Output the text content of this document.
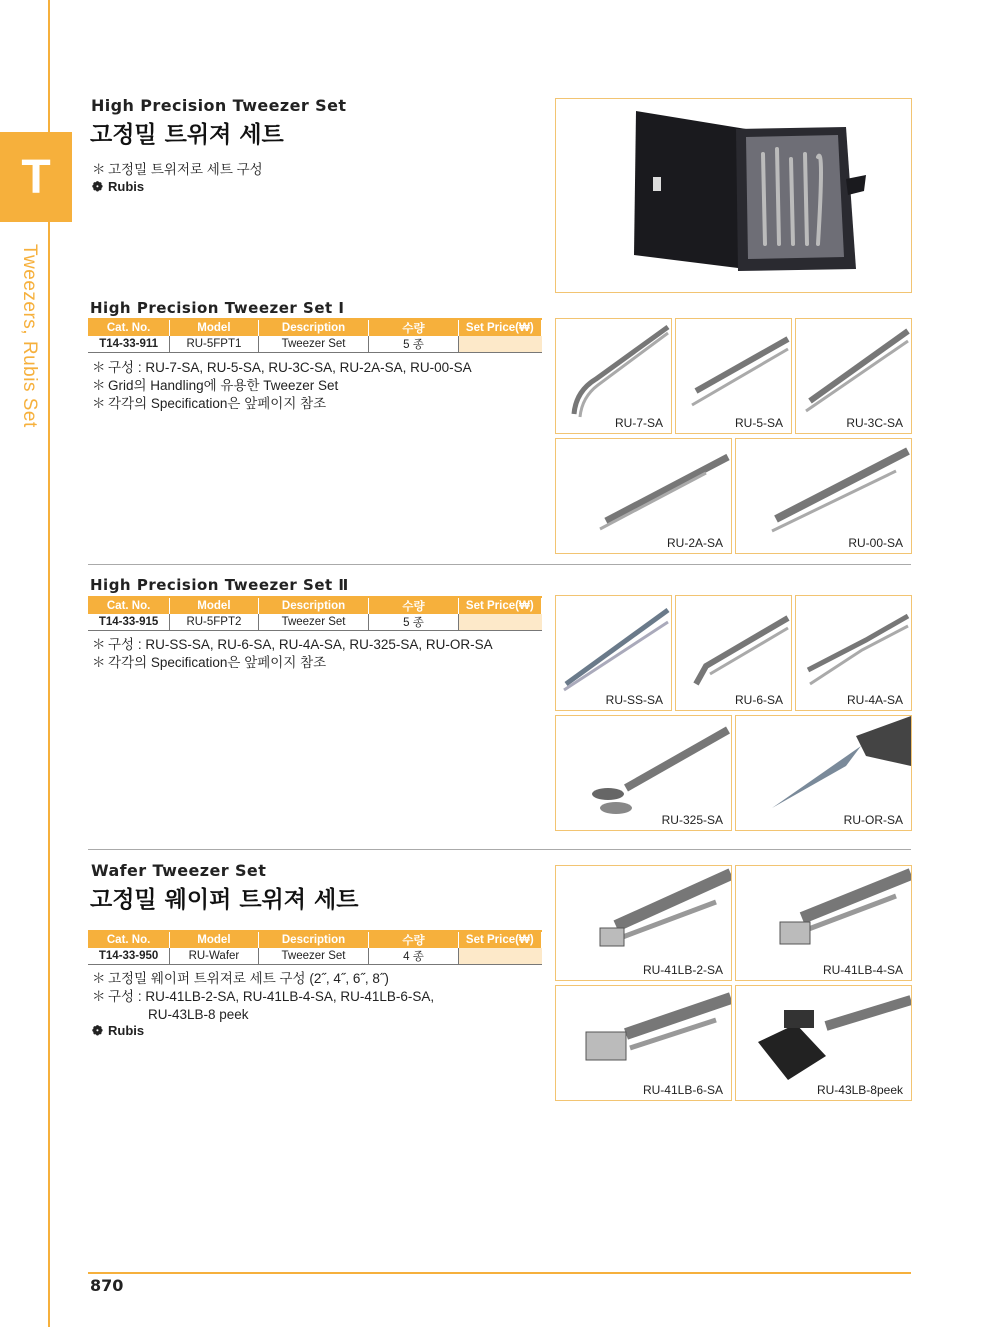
T
Tweezers, Rubis Set
High Precision Tweezer Set
고정밀 트위져 세트
＊ 고정밀 트위저로 세트 구성
❁ Rubis
High Precision Tweezer Set Ⅰ
Cat. No.	Model	Description	수량	Set Price(₩)
T14-33-911	RU-5FPT1	Tweezer Set	5 종	
＊ 구성 : RU-7-SA, RU-5-SA, RU-3C-SA, RU-2A-SA, RU-00-SA
＊ Grid의 Handling에 유용한 Tweezer Set
＊ 각각의 Specification은 앞페이지 참조
RU-7-SA	RU-5-SA	RU-3C-SA
RU-2A-SA	RU-00-SA
High Precision Tweezer Set Ⅱ
Cat. No.	Model	Description	수량	Set Price(₩)
T14-33-915	RU-5FPT2	Tweezer Set	5 종	
＊ 구성 : RU-SS-SA, RU-6-SA, RU-4A-SA, RU-325-SA, RU-OR-SA
＊ 각각의 Specification은 앞페이지 참조
RU-SS-SA	RU-6-SA	RU-4A-SA
RU-325-SA	RU-OR-SA
Wafer Tweezer Set
고정밀 웨이퍼 트위져 세트
Cat. No.	Model	Description	수량	Set Price(₩)
T14-33-950	RU-Wafer	Tweezer Set	4 종	
＊ 고정밀 웨이퍼 트위져로 세트 구성 (2˝, 4˝, 6˝, 8˝)
＊ 구성 : RU-41LB-2-SA, RU-41LB-4-SA, RU-41LB-6-SA,
RU-43LB-8 peek
❁ Rubis
RU-41LB-2-SA	RU-41LB-4-SA
RU-41LB-6-SA	RU-43LB-8peek
870
